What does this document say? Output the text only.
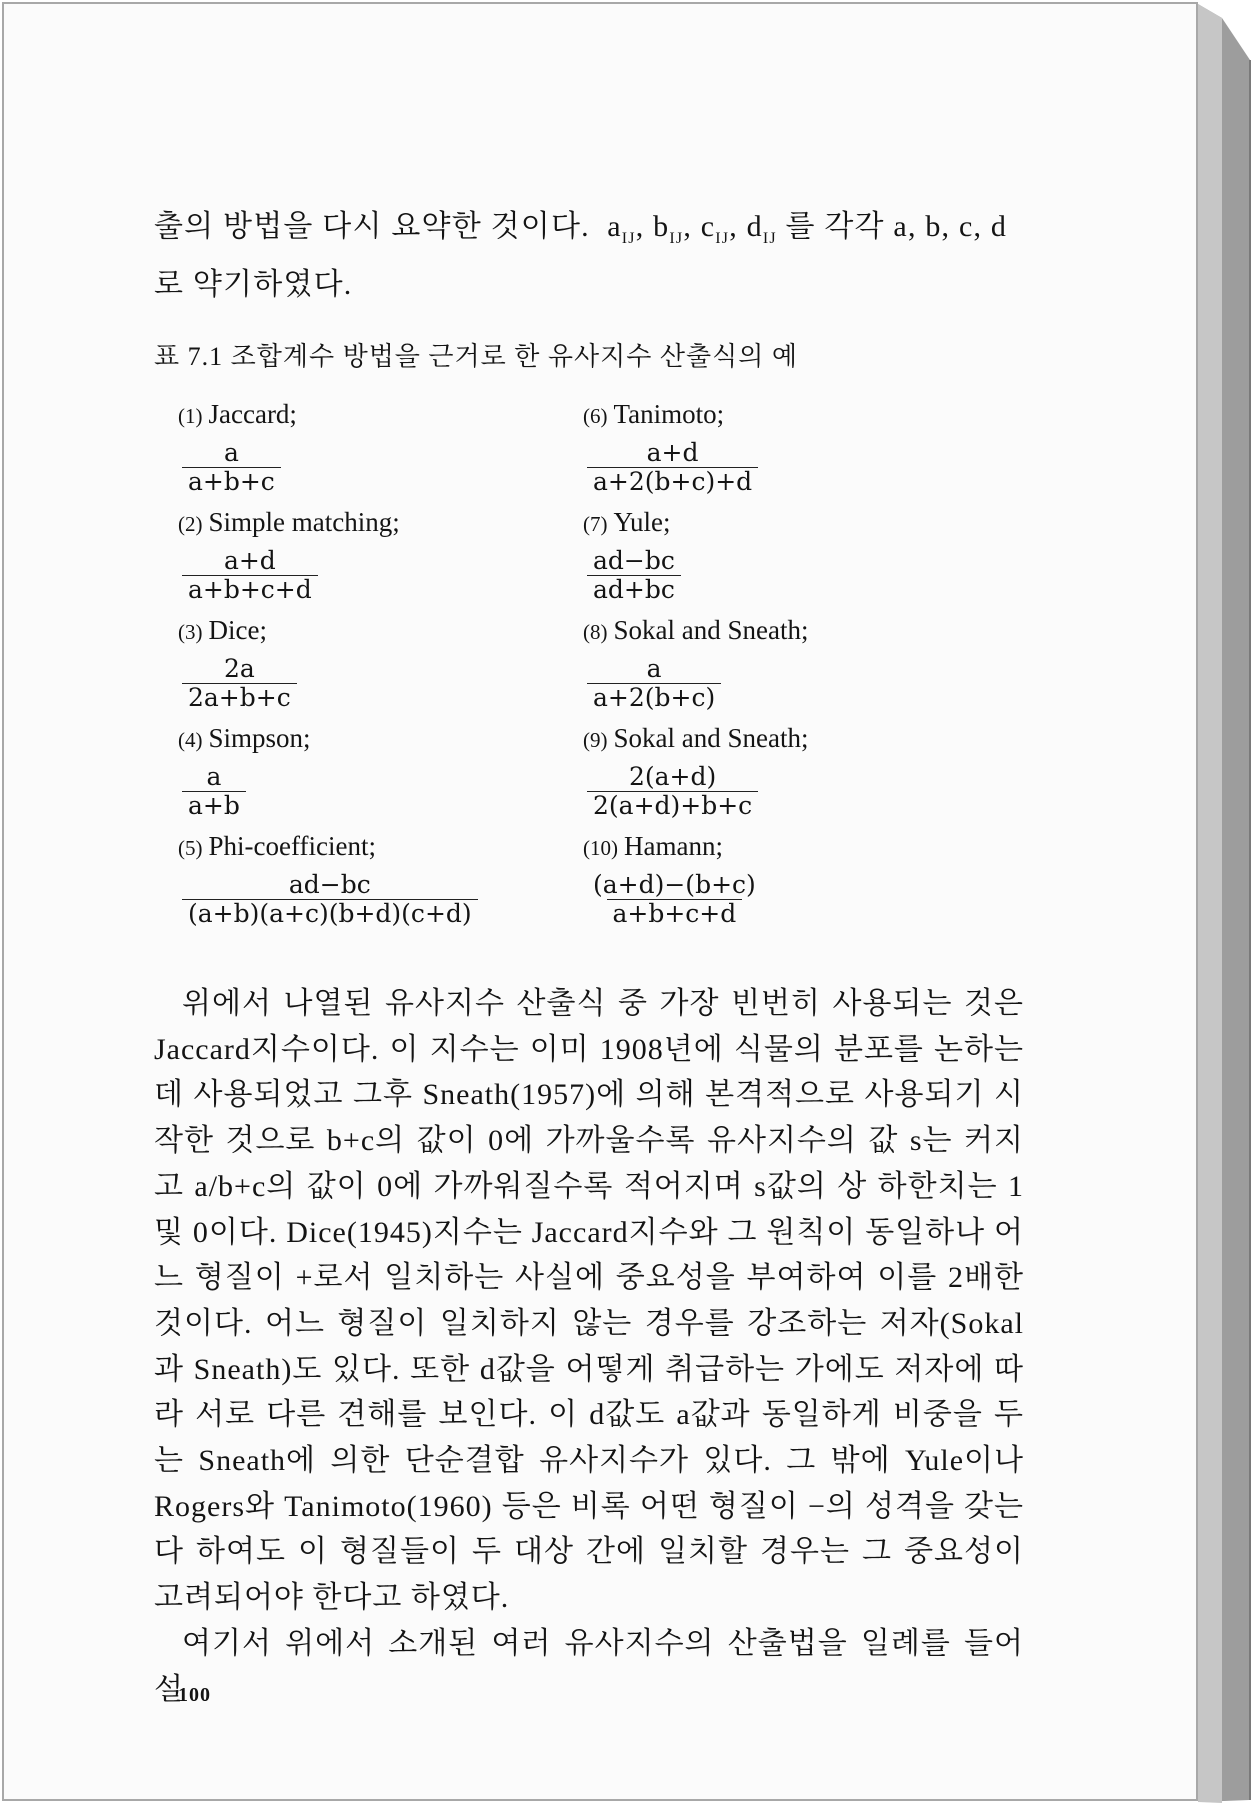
출의 방법을 다시 요약한 것이다. $a_{IJ}$, $b_{IJ}$, $c_{IJ}$, $d_{IJ}$ 를 각각 a, b, c, d
로 약기하였다.

표 7.1 조합계수 방법을 근거로 한 유사지수 산출식의 예

(1) Jaccard;
$\frac{a}{a+b+c}$
(6) Tanimoto;
$\frac{a+d}{a+2(b+c)+d}$
(2) Simple matching;
$\frac{a+d}{a+b+c+d}$
(7) Yule;
$\frac{ad-bc}{ad+bc}$
(3) Dice;
$\frac{2a}{2a+b+c}$
(8) Sokal and Sneath;
$\frac{a}{a+2(b+c)}$
(4) Simpson;
$\frac{a}{a+b}$
(9) Sokal and Sneath;
$\frac{2(a+d)}{2(a+d)+b+c}$
(5) Phi-coefficient;
$\frac{ad-bc}{(a+b)(a+c)(b+d)(c+d)}$
(10) Hamann;
$\frac{(a+d)-(b+c)}{a+b+c+d}$

위에서 나열된 유사지수 산출식 중 가장 빈번히 사용되는 것은 Jaccard지수이다. 이 지수는 이미 1908년에 식물의 분포를 논하는데 사용되었고 그후 Sneath(1957)에 의해 본격적으로 사용되기 시작한 것으로 b+c의 값이 0에 가까울수록 유사지수의 값 s는 커지고 a/b+c의 값이 0에 가까워질수록 적어지며 s값의 상 하한치는 1 및 0이다. Dice(1945)지수는 Jaccard지수와 그 원칙이 동일하나 어느 형질이 +로서 일치하는 사실에 중요성을 부여하여 이를 2배한 것이다. 어느 형질이 일치하지 않는 경우를 강조하는 저자(Sokal과 Sneath)도 있다. 또한 d값을 어떻게 취급하는 가에도 저자에 따라 서로 다른 견해를 보인다. 이 d값도 a값과 동일하게 비중을 두는 Sneath에 의한 단순결합 유사지수가 있다. 그 밖에 Yule이나 Rogers와 Tanimoto(1960) 등은 비록 어떤 형질이 −의 성격을 갖는다 하여도 이 형질들이 두 대상 간에 일치할 경우는 그 중요성이 고려되어야 한다고 하였다.

여기서 위에서 소개된 여러 유사지수의 산출법을 일례를 들어 설

100
